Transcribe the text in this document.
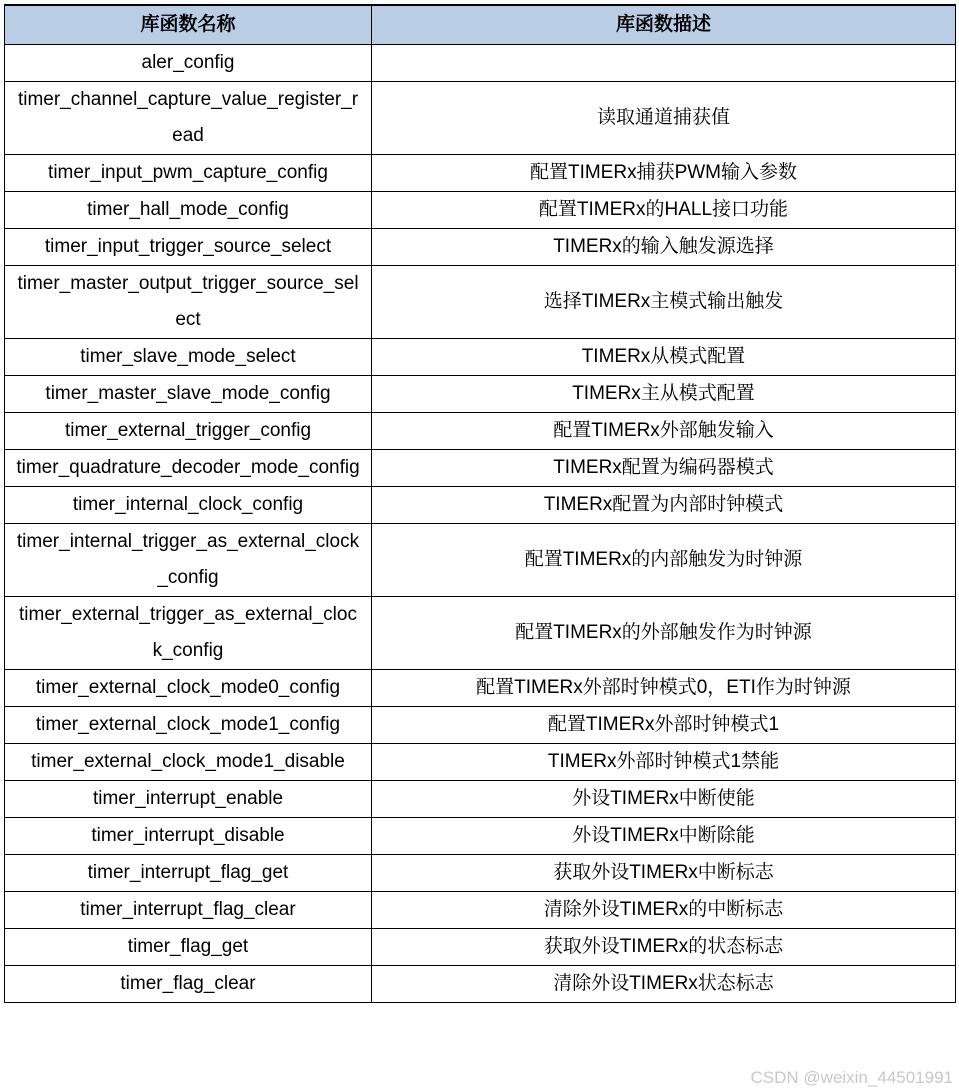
库函数名称	库函数描述
aler_config	
timer_channel_capture_value_register_read	读取通道捕获值
timer_input_pwm_capture_config	配置TIMERx捕获PWM输入参数
timer_hall_mode_config	配置TIMERx的HALL接口功能
timer_input_trigger_source_select	TIMERx的输入触发源选择
timer_master_output_trigger_source_select	选择TIMERx主模式输出触发
timer_slave_mode_select	TIMERx从模式配置
timer_master_slave_mode_config	TIMERx主从模式配置
timer_external_trigger_config	配置TIMERx外部触发输入
timer_quadrature_decoder_mode_config	TIMERx配置为编码器模式
timer_internal_clock_config	TIMERx配置为内部时钟模式
timer_internal_trigger_as_external_clock_config	配置TIMERx的内部触发为时钟源
timer_external_trigger_as_external_clock_config	配置TIMERx的外部触发作为时钟源
timer_external_clock_mode0_config	配置TIMERx外部时钟模式0，ETI作为时钟源
timer_external_clock_mode1_config	配置TIMERx外部时钟模式1
timer_external_clock_mode1_disable	TIMERx外部时钟模式1禁能
timer_interrupt_enable	外设TIMERx中断使能
timer_interrupt_disable	外设TIMERx中断除能
timer_interrupt_flag_get	获取外设TIMERx中断标志
timer_interrupt_flag_clear	清除外设TIMERx的中断标志
timer_flag_get	获取外设TIMERx的状态标志
timer_flag_clear	清除外设TIMERx状态标志
CSDN @weixin_44501991
